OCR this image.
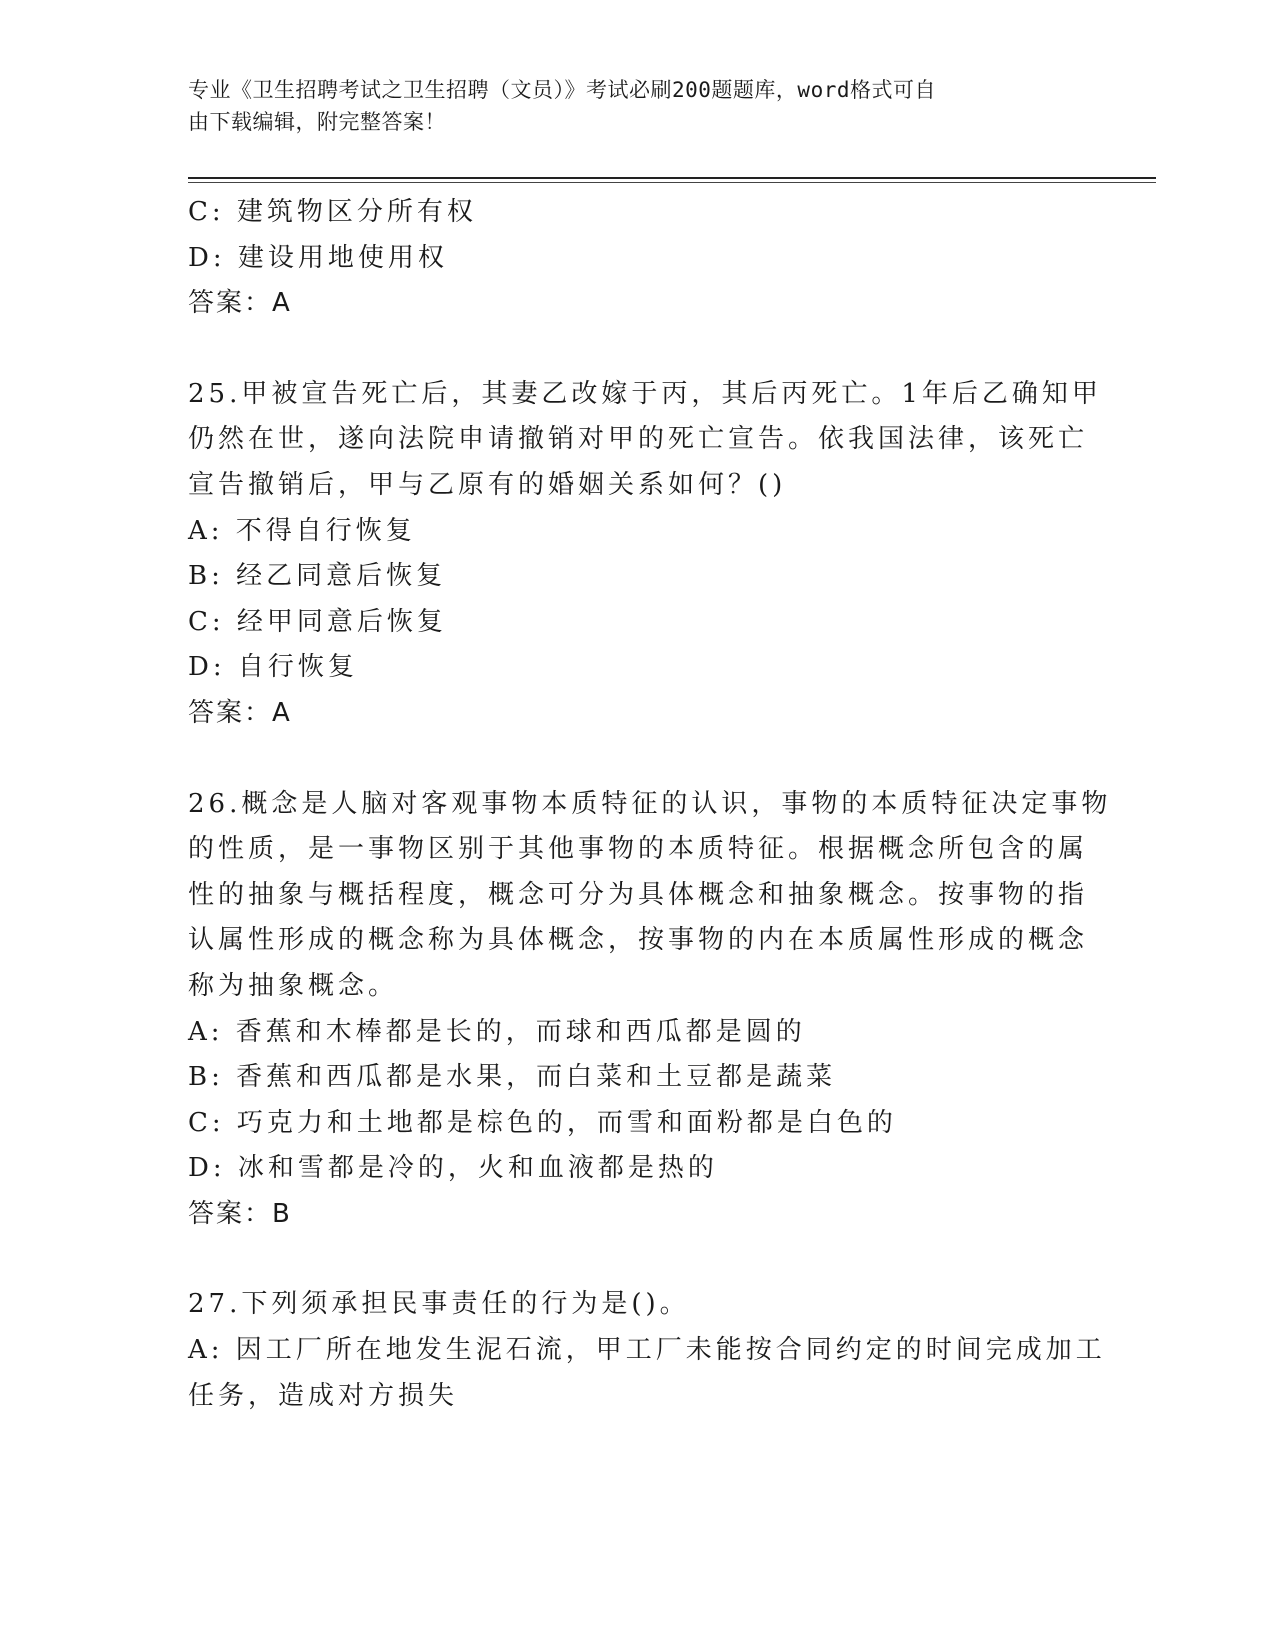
专业《卫生招聘考试之卫生招聘（文员）》考试必刷200题题库，word格式可自
由下载编辑，附完整答案！

C: 建筑物区分所有权

D: 建设用地使用权

答案：A

25.甲被宣告死亡后，其妻乙改嫁于丙，其后丙死亡。1年后乙确知甲

仍然在世，遂向法院申请撤销对甲的死亡宣告。依我国法律，该死亡

宣告撤销后，甲与乙原有的婚姻关系如何？()

A: 不得自行恢复

B: 经乙同意后恢复

C: 经甲同意后恢复

D: 自行恢复

答案：A

26.概念是人脑对客观事物本质特征的认识，事物的本质特征决定事物

的性质，是一事物区别于其他事物的本质特征。根据概念所包含的属

性的抽象与概括程度，概念可分为具体概念和抽象概念。按事物的指

认属性形成的概念称为具体概念，按事物的内在本质属性形成的概念

称为抽象概念。

A: 香蕉和木棒都是长的，而球和西瓜都是圆的

B: 香蕉和西瓜都是水果，而白菜和土豆都是蔬菜

C: 巧克力和土地都是棕色的，而雪和面粉都是白色的

D: 冰和雪都是冷的，火和血液都是热的

答案：B

27.下列须承担民事责任的行为是()。

A: 因工厂所在地发生泥石流，甲工厂未能按合同约定的时间完成加工

任务，造成对方损失
